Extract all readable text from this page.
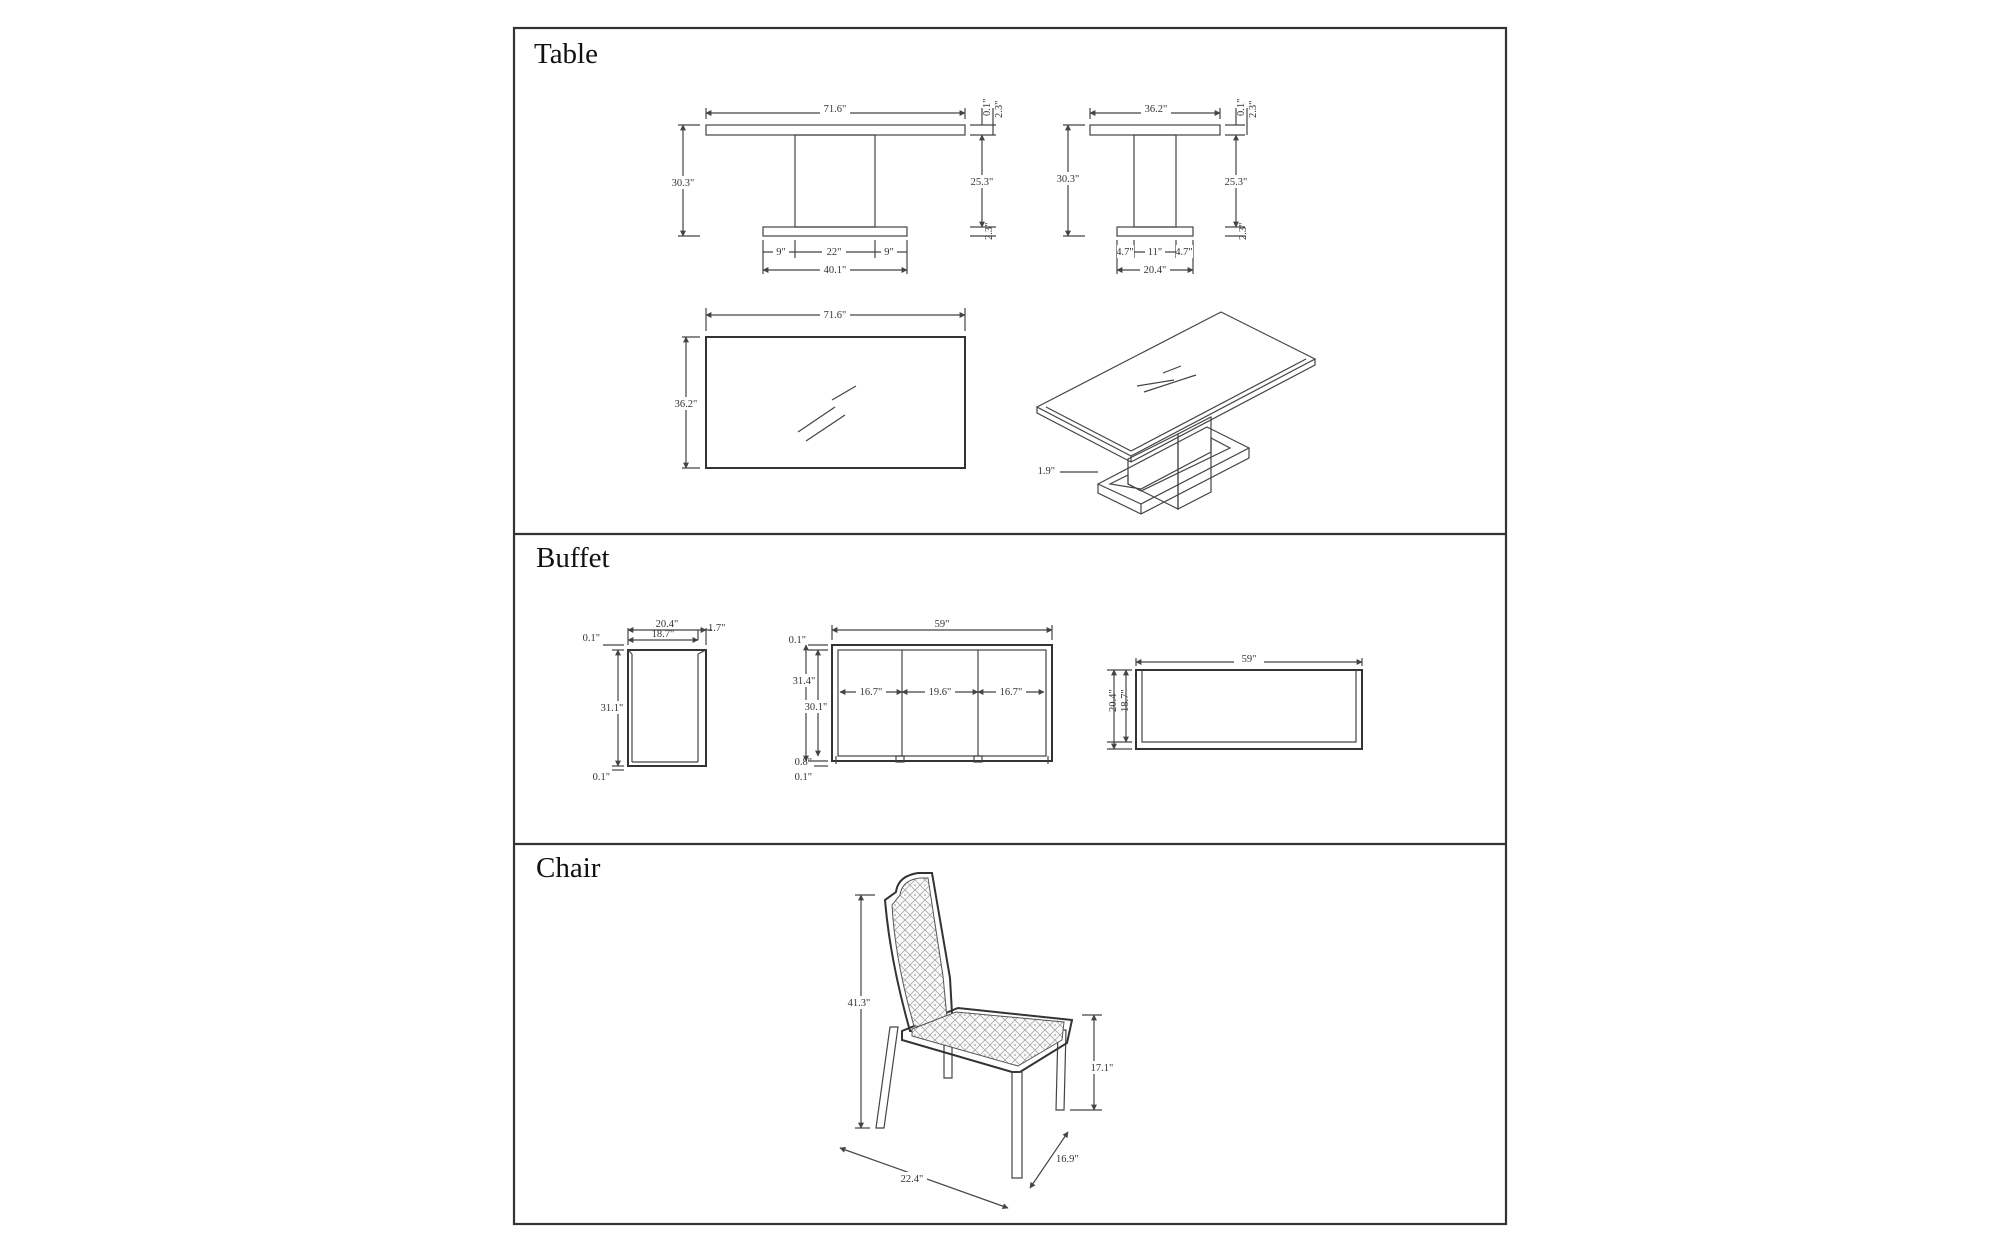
Table
71.6"
30.3"	25.3"
0.1" 2.3"
2.3"
9"	22"	9"
40.1"
36.2"
30.3"	25.3"
0.1" 2.3"
2.3"
4.7" 11" 4.7"
20.4"
71.6"
36.2"
1.9"
Buffet
20.4"
18.7"
1.7"
31.1"
0.1"
0.1"
59"
16.7"	19.6"	16.7"
0.1"
31.4"
30.1"
0.8"
0.1"
59"
20.4" 18.7"
Chair
41.3"
17.1"
16.9"
22.4"
